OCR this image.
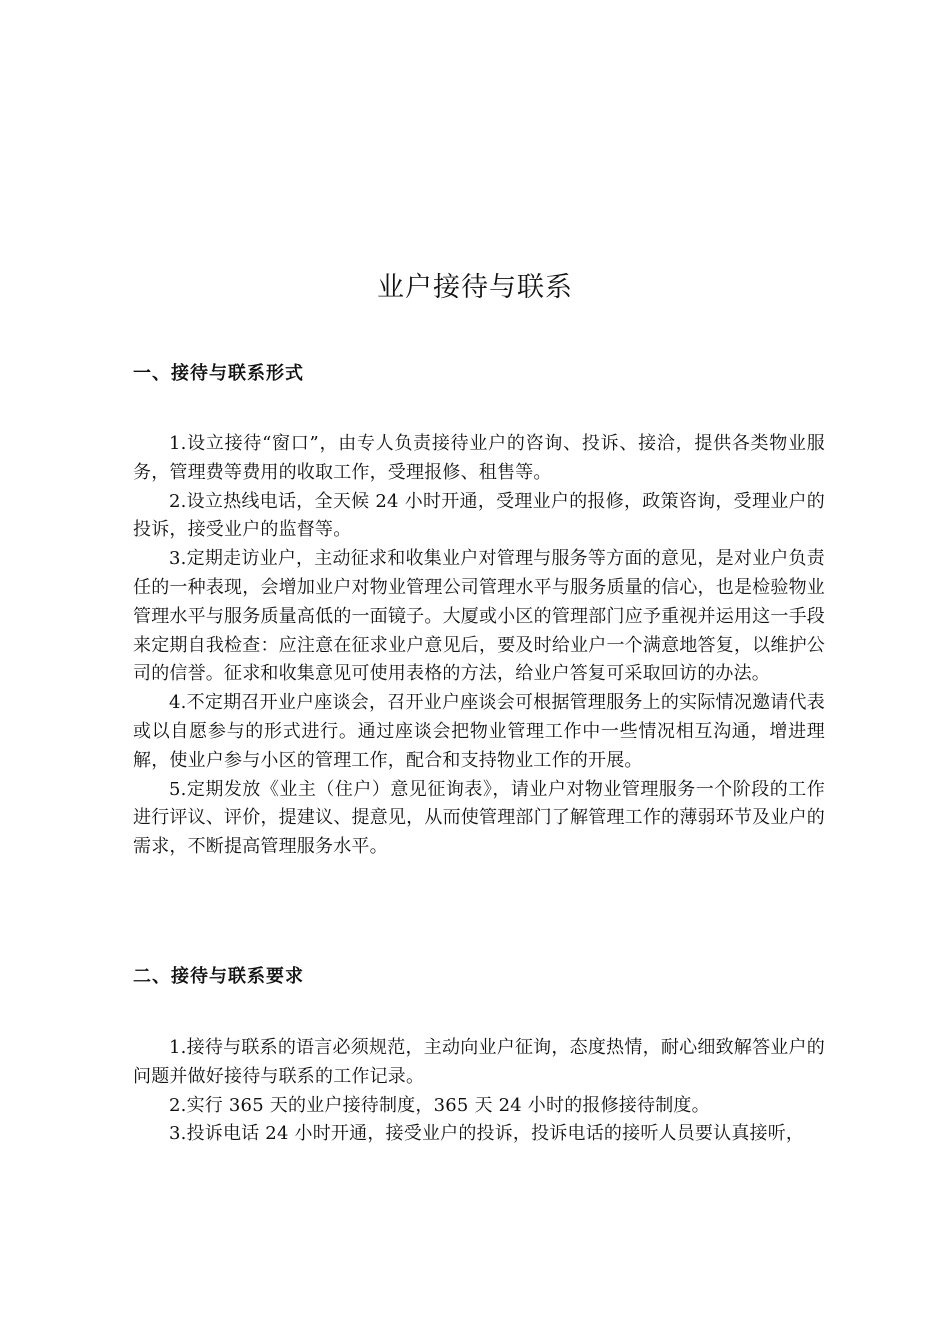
业户接待与联系
一、接待与联系形式

1.设立接待“窗口”，由专人负责接待业户的咨询、投诉、接洽，提供各类物业服务，管理费等费用的收取工作，受理报修、租售等。

2.设立热线电话，全天候 24 小时开通，受理业户的报修，政策咨询，受理业户的投诉，接受业户的监督等。

3.定期走访业户，主动征求和收集业户对管理与服务等方面的意见，是对业户负责任的一种表现，会增加业户对物业管理公司管理水平与服务质量的信心，也是检验物业管理水平与服务质量高低的一面镜子。大厦或小区的管理部门应予重视并运用这一手段来定期自我检查：应注意在征求业户意见后，要及时给业户一个满意地答复，以维护公司的信誉。征求和收集意见可使用表格的方法，给业户答复可采取回访的办法。

4.不定期召开业户座谈会，召开业户座谈会可根据管理服务上的实际情况邀请代表或以自愿参与的形式进行。通过座谈会把物业管理工作中一些情况相互沟通，增进理解，使业户参与小区的管理工作，配合和支持物业工作的开展。

5.定期发放《业主（住户）意见征询表》，请业户对物业管理服务一个阶段的工作进行评议、评价，提建议、提意见，从而使管理部门了解管理工作的薄弱环节及业户的需求，不断提高管理服务水平。

二、接待与联系要求

1.接待与联系的语言必须规范，主动向业户征询，态度热情，耐心细致解答业户的问题并做好接待与联系的工作记录。

2.实行 365 天的业户接待制度，365 天 24 小时的报修接待制度。

3.投诉电话 24 小时开通，接受业户的投诉，投诉电话的接听人员要认真接听，
